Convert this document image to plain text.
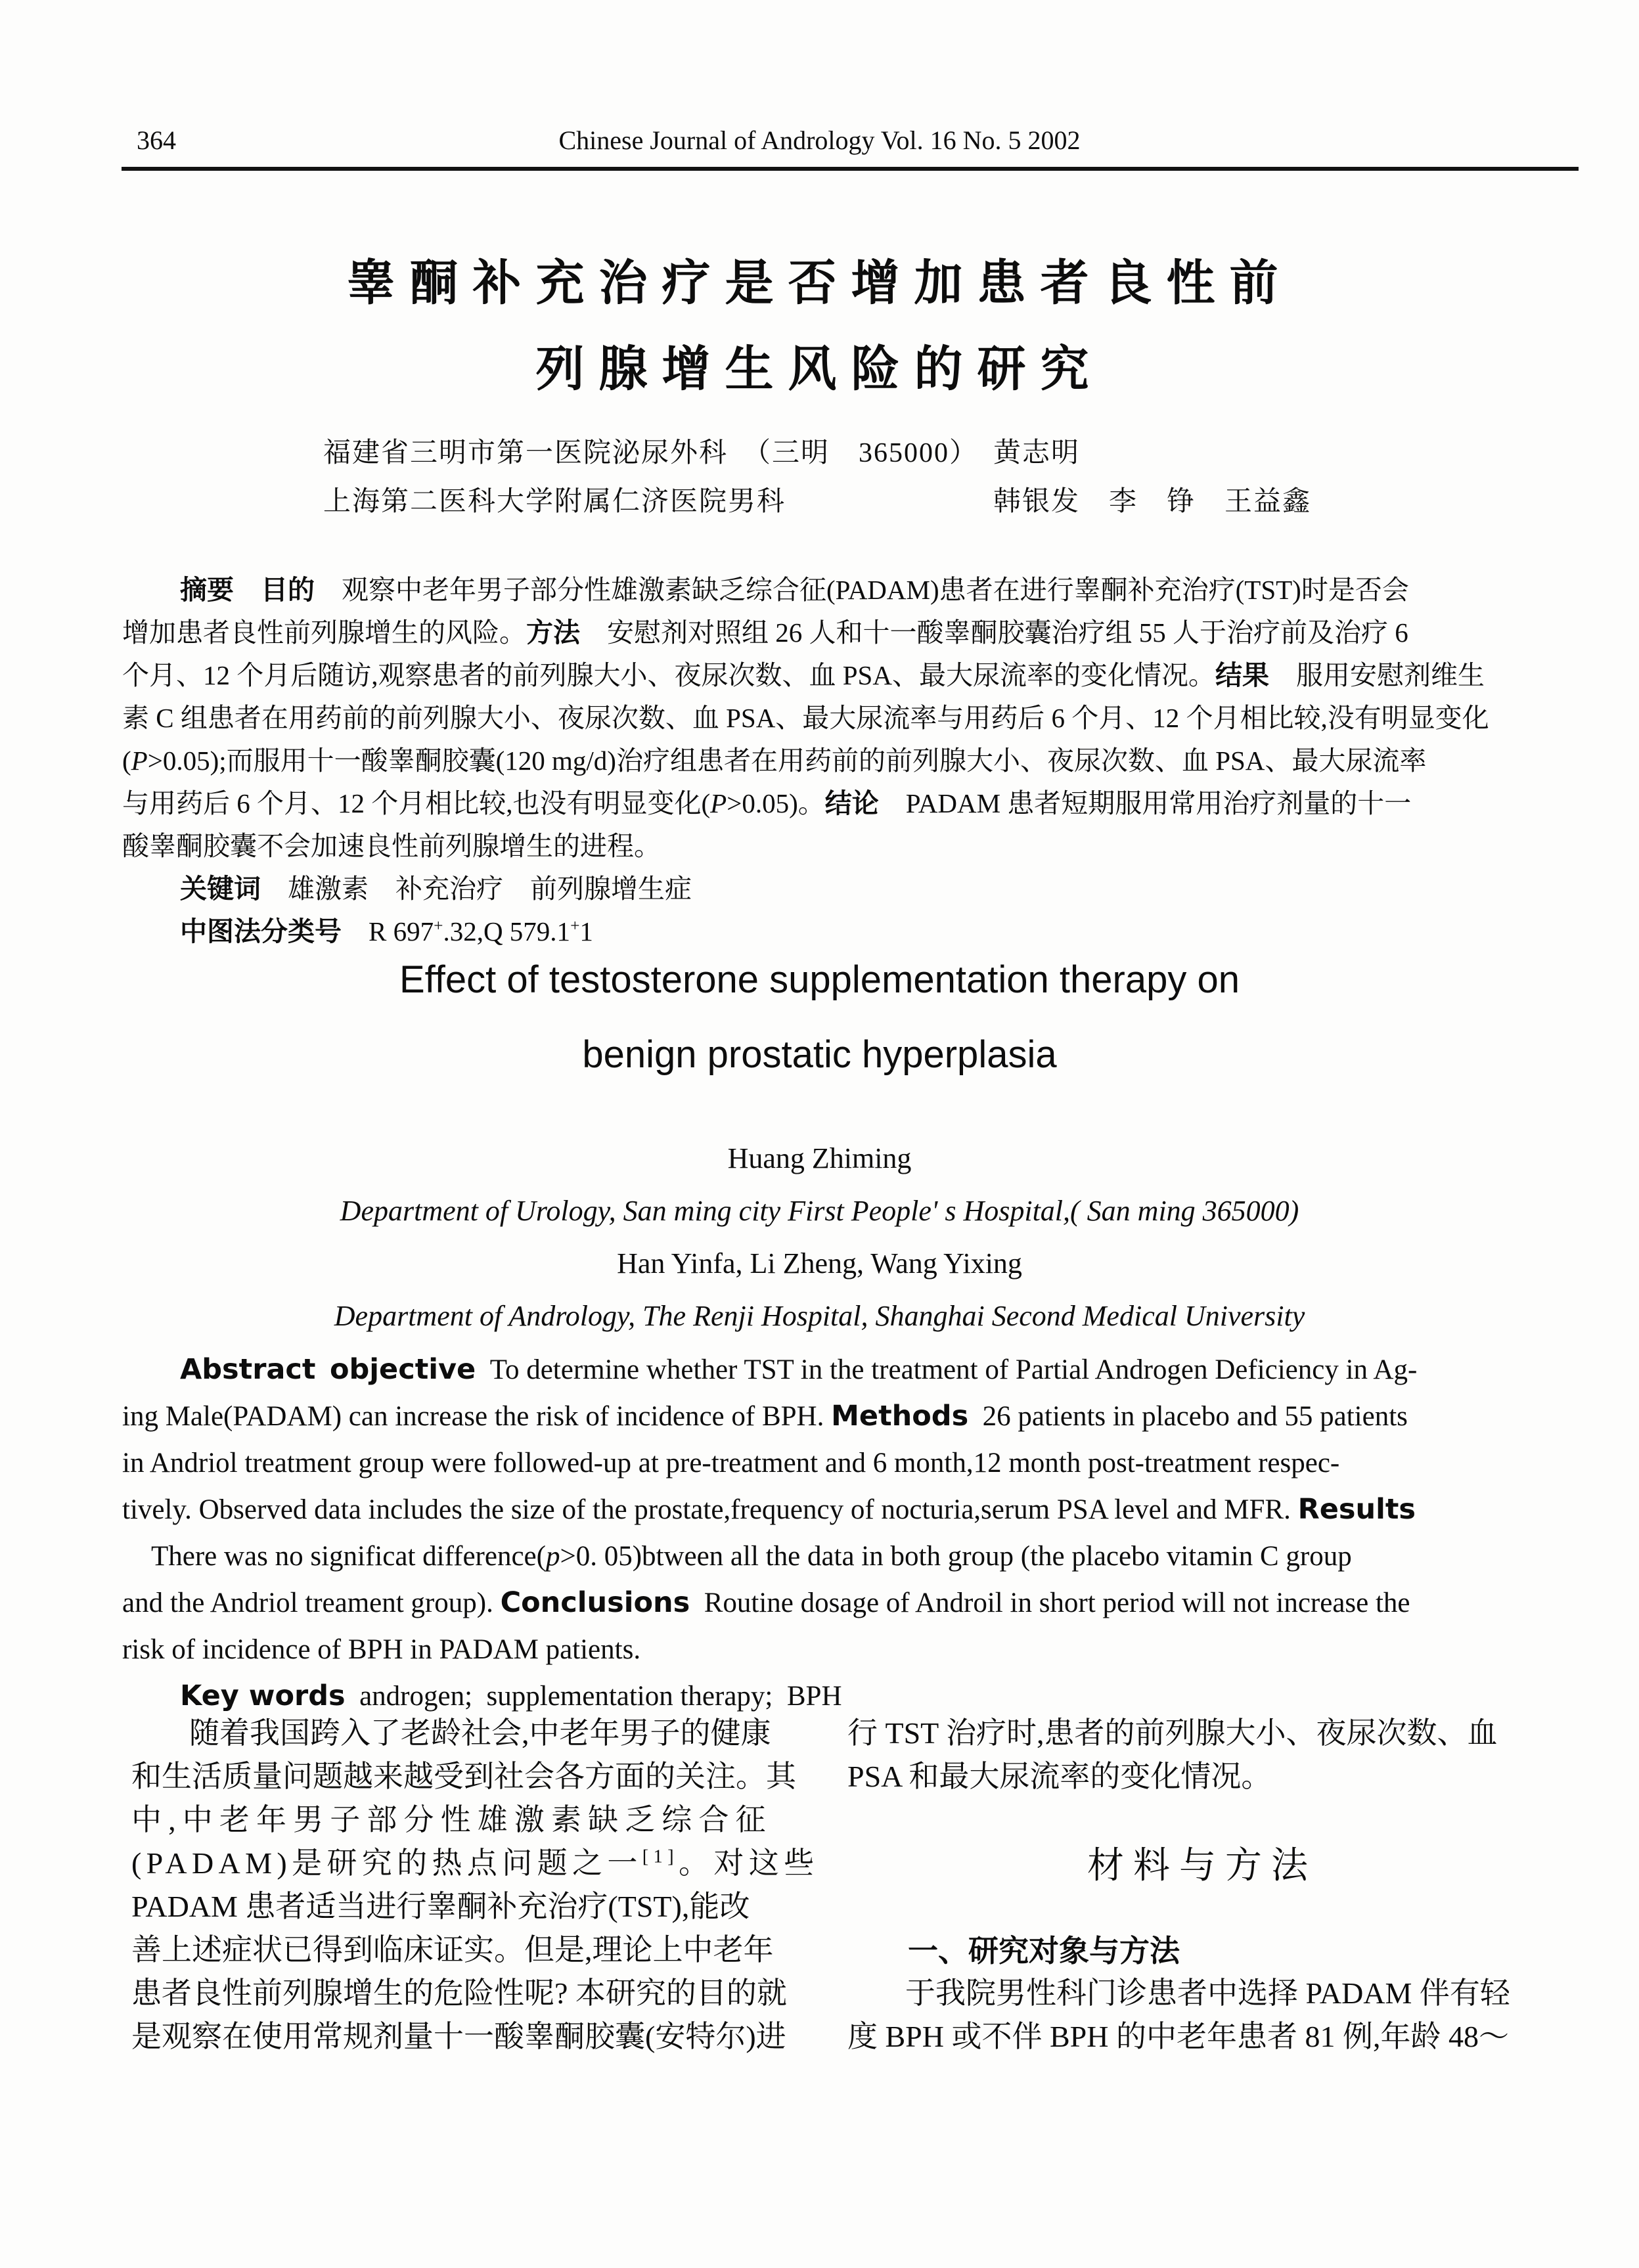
364	Chinese Journal of Andrology Vol. 16 No. 5 2002
睾酮补充治疗是否增加患者良性前
列腺增生风险的研究
福建省三明市第一医院泌尿外科　（三明　365000）　黄志明
上海第二医科大学附属仁济医院男科	韩银发　李　铮　王益鑫
摘要　 目的　观察中老年男子部分性雄激素缺乏综合征(PADAM)患者在进行睾酮补充治疗(TST)时是否会
增加患者良性前列腺增生的风险。方法　安慰剂对照组 26 人和十一酸睾酮胶囊治疗组 55 人于治疗前及治疗 6
个月、12 个月后随访,观察患者的前列腺大小、夜尿次数、血 PSA、最大尿流率的变化情况。结果　服用安慰剂维生
素 C 组患者在用药前的前列腺大小、夜尿次数、血 PSA、最大尿流率与用药后 6 个月、12 个月相比较,没有明显变化
(P>0.05);而服用十一酸睾酮胶囊(120 mg/d)治疗组患者在用药前的前列腺大小、夜尿次数、血 PSA、最大尿流率
与用药后 6 个月、12 个月相比较,也没有明显变化(P>0.05)。结论　PADAM 患者短期服用常用治疗剂量的十一
酸睾酮胶囊不会加速良性前列腺增生的进程。
关键词　雄激素　补充治疗　前列腺增生症
中图法分类号　R 697+.32,Q 579.1+1
Effect of testosterone supplementation therapy on
benign prostatic hyperplasia
Huang Zhiming
Department of Urology, San ming city First People' s Hospital,( San ming 365000)
Han Yinfa, Li Zheng, Wang Yixing
Department of Andrology, The Renji Hospital, Shanghai Second Medical University
Abstract  objective To determine whether TST in the treatment of Partial Androgen Deficiency in Ag-
ing Male(PADAM) can increase the risk of incidence of BPH. Methods 26 patients in placebo and 55 patients
in Andriol treatment group were followed-up at pre-treatment and 6 month,12 month post-treatment respec-
tively. Observed data includes the size of the prostate,frequency of nocturia,serum PSA level and MFR. Results
There was no significat difference(p>0. 05)btween all the data in both group (the placebo vitamin C group
and the Andriol treament group). Conclusions Routine dosage of Androil in short period will not increase the
risk of incidence of BPH in PADAM patients.
Key words androgen; supplementation therapy; BPH
随着我国跨入了老龄社会,中老年男子的健康
和生活质量问题越来越受到社会各方面的关注。其
中,中老年男子部分性雄激素缺乏综合征
(PADAM)是研究的热点问题之一[1]。对这些
PADAM 患者适当进行睾酮补充治疗(TST),能改
善上述症状已得到临床证实。但是,理论上中老年
患者良性前列腺增生的危险性呢? 本研究的目的就
是观察在使用常规剂量十一酸睾酮胶囊(安特尔)进
行 TST 治疗时,患者的前列腺大小、夜尿次数、血
PSA 和最大尿流率的变化情况。
材料与方法
一、研究对象与方法
于我院男性科门诊患者中选择 PADAM 伴有轻
度 BPH 或不伴 BPH 的中老年患者 81 例,年龄 48～
